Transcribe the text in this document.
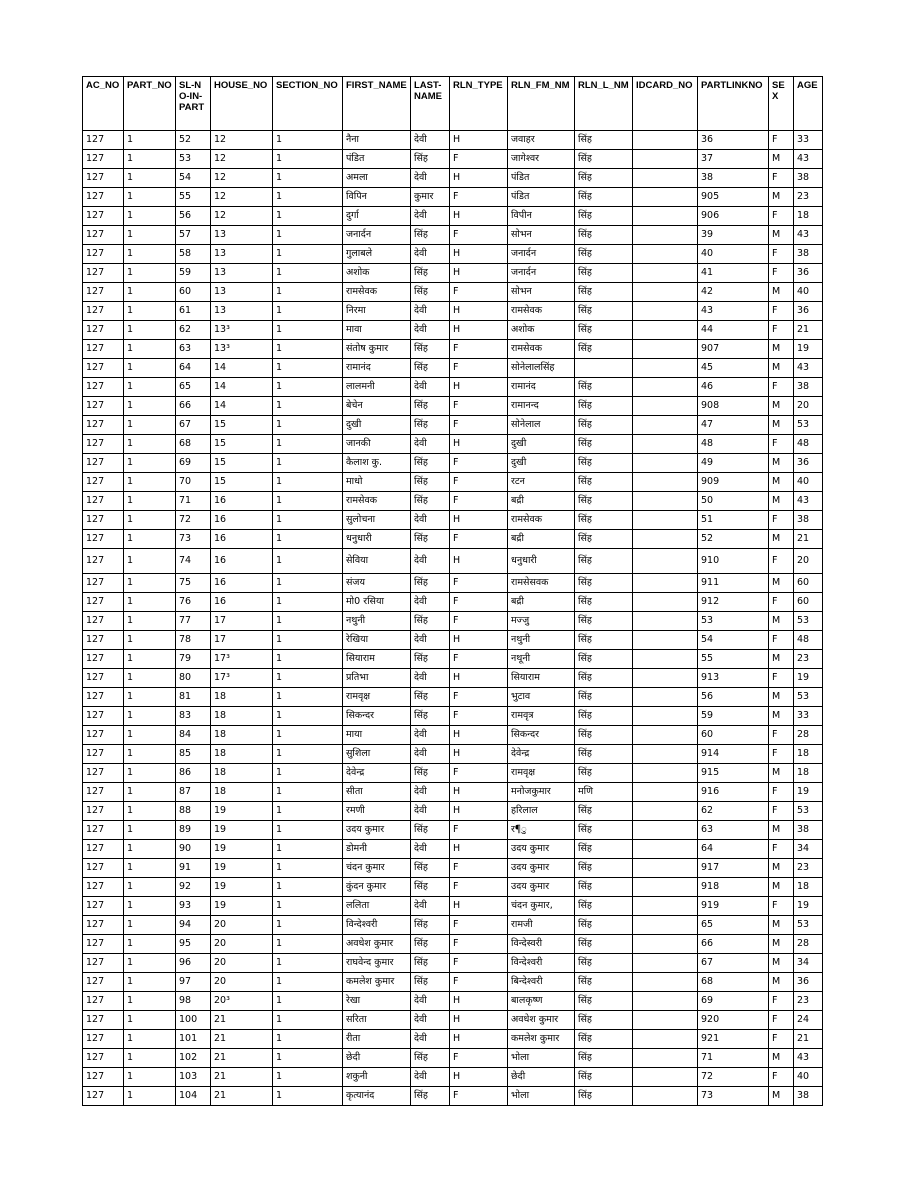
AC_NO	PART_NO	SL-NO-IN-PART	HOUSE_NO	SECTION_NO	FIRST_NAME	LAST-NAME	RLN_TYPE	RLN_FM_NM	RLN_L_NM	IDCARD_NO	PARTLINKNO	SEX	AGE
127	1	52	12	1	नैना	देवी	H	जवाहर	सिंह		36	F	33
127	1	53	12	1	पंडित	सिंह	F	जागेश्‍वर	सिंह		37	M	43
127	1	54	12	1	अमला	देवी	H	पंडित	सिंह		38	F	38
127	1	55	12	1	विपिन	कुमार	F	पंडित	सिंह		905	M	23
127	1	56	12	1	दुर्गा	देवी	H	विपीन	सिंह		906	F	18
127	1	57	13	1	जनार्दन	सिंह	F	सोभन	सिंह		39	M	43
127	1	58	13	1	गुलाबले	देवी	H	जनार्दन	सिंह		40	F	38
127	1	59	13	1	अशोक	सिंह	H	जनार्दन	सिंह		41	F	36
127	1	60	13	1	रामसेवक	सिंह	F	सोभन	सिंह		42	M	40
127	1	61	13	1	निरमा	देवी	H	रामसेवक	सिंह		43	F	36
127	1	62	13³	1	मावा	देवी	H	अशोक	सिंह		44	F	21
127	1	63	13³	1	संतोष कुमार	सिंह	F	रामसेवक	सिंह		907	M	19
127	1	64	14	1	रामानंद	सिंह	F	सोनेलालसिंह			45	M	43
127	1	65	14	1	लालमनी	देवी	H	रामानंद	सिंह		46	F	38
127	1	66	14	1	बेचेन	सिंह	F	रामानन्द	सिंह		908	M	20
127	1	67	15	1	दुखी	सिंह	F	सोनेलाल	सिंह		47	M	53
127	1	68	15	1	जानकी	देवी	H	दुखी	सिंह		48	F	48
127	1	69	15	1	कैलाश कु.	सिंह	F	दुखी	सिंह		49	M	36
127	1	70	15	1	माधो	सिंह	F	रटन	सिंह		909	M	40
127	1	71	16	1	रामसेवक	सिंह	F	बद्री	सिंह		50	M	43
127	1	72	16	1	सुलोचना	देवी	H	रामसेवक	सिंह		51	F	38
127	1	73	16	1	धनुधारी	सिंह	F	बद्री	सिंह		52	M	21
127	1	74	16	1	सेविया	देवी	H	धनुधारी	सिंह		910	F	20
127	1	75	16	1	संजय	सिंह	F	रामसेसवक	सिंह		911	M	60
127	1	76	16	1	मो0 रसिया	देवी	F	बद्री	सिंह		912	F	60
127	1	77	17	1	नथुनी	सिंह	F	मज्जु	सिंह		53	M	53
127	1	78	17	1	रेखिया	देवी	H	नथुनी	सिंह		54	F	48
127	1	79	17³	1	सियाराम	सिंह	F	नथूनी	सिंह		55	M	23
127	1	80	17³	1	प्रतिभा	देवी	H	सियाराम	सिंह		913	F	19
127	1	81	18	1	रामवृक्ष	सिंह	F	भुटाव	सिंह		56	M	53
127	1	83	18	1	सिकन्दर	सिंह	F	रामवृत्र	सिंह		59	M	33
127	1	84	18	1	माया	देवी	H	सिकन्दर	सिंह		60	F	28
127	1	85	18	1	सुशिला	देवी	H	देवेन्द्र	सिंह		914	F	18
127	1	86	18	1	देवेन्द्र	सिंह	F	रामवृक्ष	सिंह		915	M	18
127	1	87	18	1	सीता	देवी	H	मनोजकुमार	मणि		916	F	19
127	1	88	19	1	रमणी	देवी	H	हरिलाल	सिंह		62	F	53
127	1	89	19	1	उदय कुमार	सिंह	F	र¶ु	सिंह		63	M	38
127	1	90	19	1	डोमनी	देवी	H	उदय कुमार	सिंह		64	F	34
127	1	91	19	1	चंदन कुमार	सिंह	F	उदय कुमार	सिंह		917	M	23
127	1	92	19	1	कुंदन कुमार	सिंह	F	उदय कुमार	सिंह		918	M	18
127	1	93	19	1	ललिता	देवी	H	चंदन कुमार,	सिंह		919	F	19
127	1	94	20	1	विन्देश्‍वरी	सिंह	F	रामजी	सिंह		65	M	53
127	1	95	20	1	अवधेश कुमार	सिंह	F	विन्देस्वरी	सिंह		66	M	28
127	1	96	20	1	राघवेन्द कुमार	सिंह	F	विन्देश्‍वरी	सिंह		67	M	34
127	1	97	20	1	कमलेश कुमार	सिंह	F	बिन्देश्‍वरी	सिंह		68	M	36
127	1	98	20³	1	रेखा	देवी	H	बालकृष्ण	सिंह		69	F	23
127	1	100	21	1	सरिता	देवी	H	अवधेश कुमार	सिंह		920	F	24
127	1	101	21	1	रीता	देवी	H	कमलेश कुमार	सिंह		921	F	21
127	1	102	21	1	छेदी	सिंह	F	भोला	सिंह		71	M	43
127	1	103	21	1	शकुनी	देवी	H	छेदी	सिंह		72	F	40
127	1	104	21	1	कृत्यानंद	सिंह	F	भोला	सिंह		73	M	38
